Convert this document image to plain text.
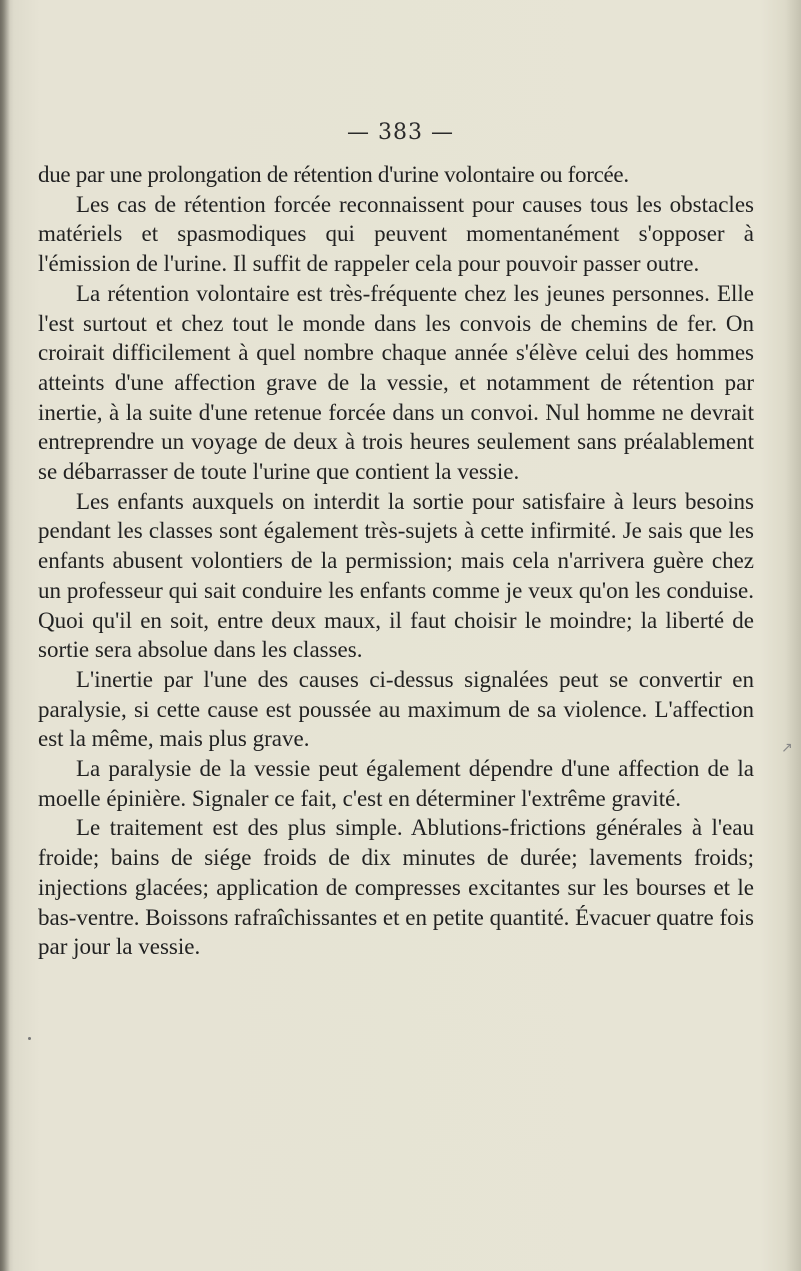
— 383 —

due par une prolongation de rétention d'urine volontaire ou forcée.

Les cas de rétention forcée reconnaissent pour causes tous les obstacles matériels et spasmodiques qui peuvent momentanément s'opposer à l'émission de l'urine. Il suffit de rappeler cela pour pouvoir passer outre.

La rétention volontaire est très-fréquente chez les jeunes personnes. Elle l'est surtout et chez tout le monde dans les convois de chemins de fer. On croirait difficilement à quel nombre chaque année s'élève celui des hommes atteints d'une affection grave de la vessie, et notamment de rétention par inertie, à la suite d'une retenue forcée dans un convoi. Nul homme ne devrait entreprendre un voyage de deux à trois heures seulement sans préalablement se débarrasser de toute l'urine que contient la vessie.

Les enfants auxquels on interdit la sortie pour satisfaire à leurs besoins pendant les classes sont également très-sujets à cette infirmité. Je sais que les enfants abusent volontiers de la permission; mais cela n'arrivera guère chez un professeur qui sait conduire les enfants comme je veux qu'on les conduise. Quoi qu'il en soit, entre deux maux, il faut choisir le moindre; la liberté de sortie sera absolue dans les classes.

L'inertie par l'une des causes ci-dessus signalées peut se convertir en paralysie, si cette cause est poussée au maximum de sa violence. L'affection est la même, mais plus grave.

La paralysie de la vessie peut également dépendre d'une affection de la moelle épinière. Signaler ce fait, c'est en déterminer l'extrême gravité.

Le traitement est des plus simple. Ablutions-frictions générales à l'eau froide; bains de siége froids de dix minutes de durée; lavements froids; injections glacées; application de compresses excitantes sur les bourses et le bas-ventre. Boissons rafraîchissantes et en petite quantité. Évacuer quatre fois par jour la vessie.

↗
